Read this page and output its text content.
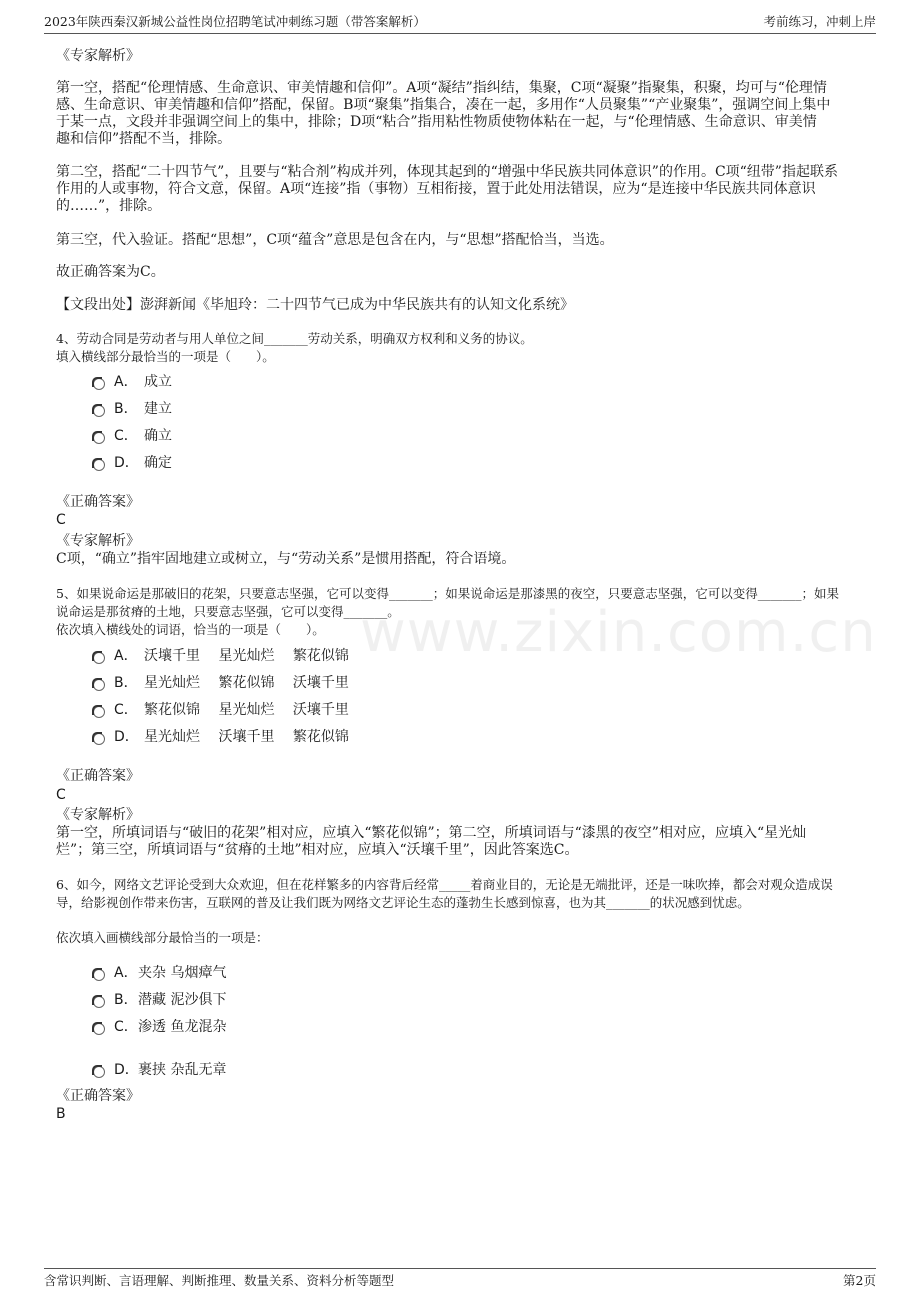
2023年陕西秦汉新城公益性岗位招聘笔试冲刺练习题（带答案解析）	考前练习，冲刺上岸
www.zixin.com.cn
《专家解析》
第一空，搭配“伦理情感、生命意识、审美情趣和信仰”。A项“凝结”指纠结，集聚，C项“凝聚”指聚集，积聚，均可与“伦理情
感、生命意识、审美情趣和信仰”搭配，保留。B项“聚集”指集合，凑在一起，多用作“人员聚集”“产业聚集”，强调空间上集中
于某一点，文段并非强调空间上的集中，排除；D项“粘合”指用粘性物质使物体粘在一起，与“伦理情感、生命意识、审美情
趣和信仰”搭配不当，排除。
第二空，搭配“二十四节气”，且要与“粘合剂”构成并列，体现其起到的“增强中华民族共同体意识”的作用。C项“纽带”指起联系
作用的人或事物，符合文意，保留。A项“连接”指（事物）互相衔接，置于此处用法错误，应为“是连接中华民族共同体意识
的……”，排除。
第三空，代入验证。搭配“思想”，C项“蕴含”意思是包含在内，与“思想”搭配恰当，当选。
故正确答案为C。
【文段出处】澎湃新闻《毕旭玲：二十四节气已成为中华民族共有的认知文化系统》
4、劳动合同是劳动者与用人单位之间_______劳动关系，明确双方权利和义务的协议。
填入横线部分最恰当的一项是（　　）。
A． 成立
B． 建立
C． 确立
D． 确定
《正确答案》
C
《专家解析》
C项，“确立”指牢固地建立或树立，与“劳动关系”是惯用搭配，符合语境。
5、如果说命运是那破旧的花架，只要意志坚强，它可以变得_______；如果说命运是那漆黑的夜空，只要意志坚强，它可以变得_______；如果
说命运是那贫瘠的土地，只要意志坚强，它可以变得_______。
依次填入横线处的词语，恰当的一项是（　　）。
A． 沃壤千里　 星光灿烂　 繁花似锦
B． 星光灿烂　 繁花似锦　 沃壤千里
C． 繁花似锦　 星光灿烂　 沃壤千里
D． 星光灿烂　 沃壤千里　 繁花似锦
《正确答案》
C
《专家解析》
第一空，所填词语与“破旧的花架”相对应，应填入“繁花似锦”；第二空，所填词语与“漆黑的夜空”相对应，应填入“星光灿
烂”；第三空，所填词语与“贫瘠的土地”相对应，应填入“沃壤千里”，因此答案选C。
6、如今，网络文艺评论受到大众欢迎，但在花样繁多的内容背后经常_____着商业目的，无论是无端批评，还是一味吹捧，都会对观众造成误
导，给影视创作带来伤害，互联网的普及让我们既为网络文艺评论生态的蓬勃生长感到惊喜，也为其_______的状况感到忧虑。
依次填入画横线部分最恰当的一项是：
A． 夹杂 乌烟瘴气
B． 潜藏 泥沙俱下
C． 渗透 鱼龙混杂
D． 裹挟 杂乱无章
《正确答案》
B
含常识判断、言语理解、判断推理、数量关系、资料分析等题型	第2页
